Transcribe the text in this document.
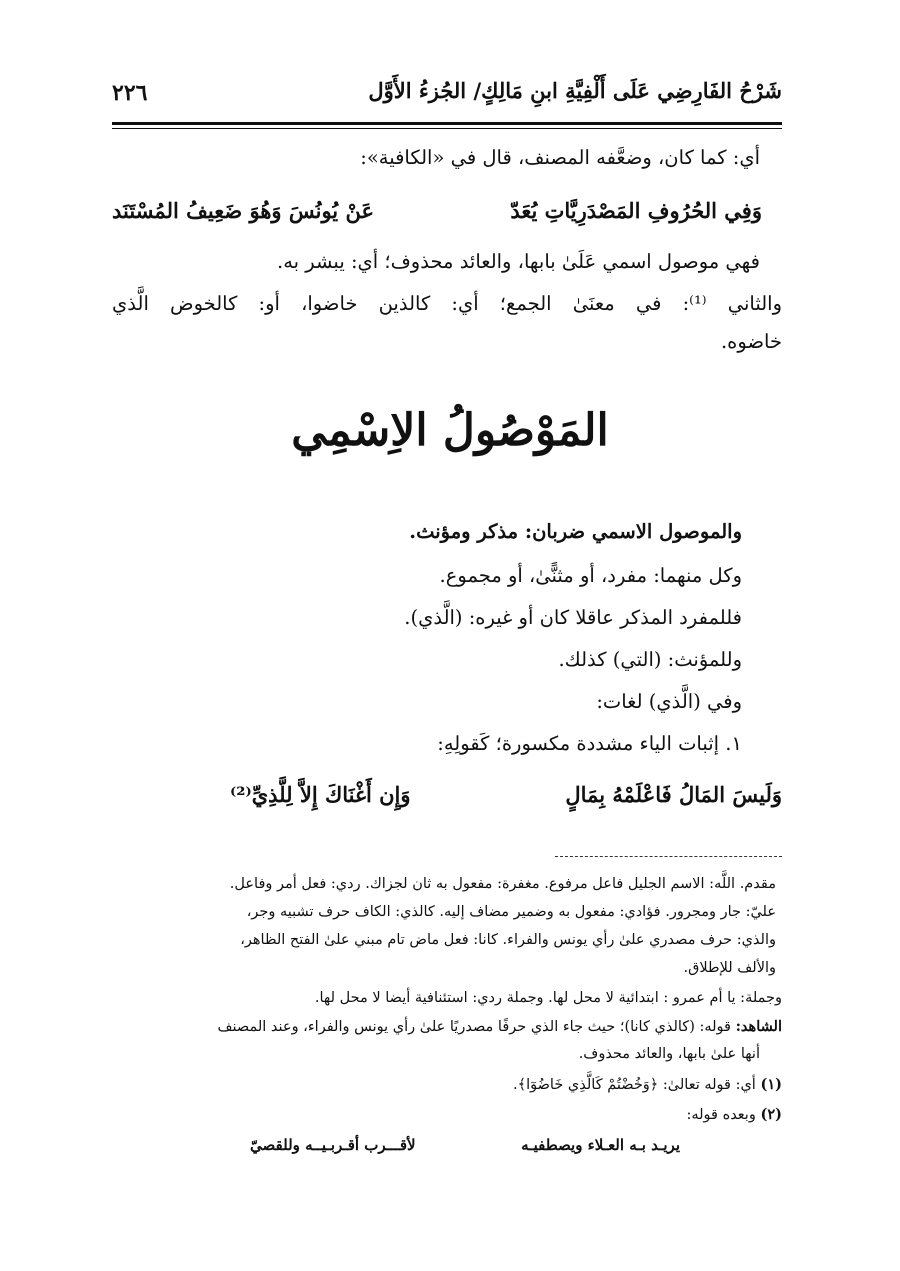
شَرْحُ الفَارِضِي عَلَى أَلْفِيَّةِ ابنِ مَالِكٍ/ الجُزءُ الأَوَّل
٢٢٦
أي: كما كان، وضعَّفه المصنف، قال في «الكافية»:
وَفِي الحُرُوفِ المَصْدَرِيَّاتِ يُعَدّ
عَنْ يُونُسَ وَهُوَ ضَعِيفُ المُسْتَنَد
فهي موصول اسمي عَلَىٰ بابها، والعائد محذوف؛ أي: يبشر به.
والثاني ⁽¹⁾: في معنَىٰ الجمع؛ أي: كالذين خاضوا، أو: كالخوض الَّذي
خاضوه.
المَوْصُولُ الاِسْمِي
والموصول الاسمي ضربان: مذكر ومؤنث.
وكل منهما: مفرد، أو مثنًّىٰ، أو مجموع.
فللمفرد المذكر عاقلا كان أو غيره: (الَّذي).
وللمؤنث: (التي) كذلك.
وفي (الَّذي) لغات:
١. إثبات الياء مشددة مكسورة؛ كَقولِهِ:
وَلَيسَ المَالُ فَاعْلَمْهُ بِمَالٍ
وَإِن أَغْنَاكَ إِلاَّ لِلَّذِيِّ⁽²⁾
مقدم. اللَّه: الاسم الجليل فاعل مرفوع. مغفرة: مفعول به ثان لجزاك. ردي: فعل أمر وفاعل.
عليّ: جار ومجرور. فؤادي: مفعول به وضمير مضاف إليه. كالذي: الكاف حرف تشبيه وجر،
والذي: حرف مصدري علىٰ رأي يونس والفراء. كانا: فعل ماض تام مبني علىٰ الفتح الظاهر،
والألف للإطلاق.
وجملة: يا أم عمرو : ابتدائية لا محل لها. وجملة ردي: استئنافية أيضا لا محل لها.
الشاهد: قوله: (كالذي كانا)؛ حيث جاء الذي حرفًا مصدريًا علىٰ رأي يونس والفراء، وعند المصنف
أنها علىٰ بابها، والعائد محذوف.
(١) أي: قوله تعالىٰ: ﴿وَخُضْتُمْ كَالَّذِي خَاضُوٓا﴾.
(٢) وبعده قوله:
يريـد بـه العـلاء ويصطفيـه
لأقـــرب أقـربـيــه وللقصيّ
